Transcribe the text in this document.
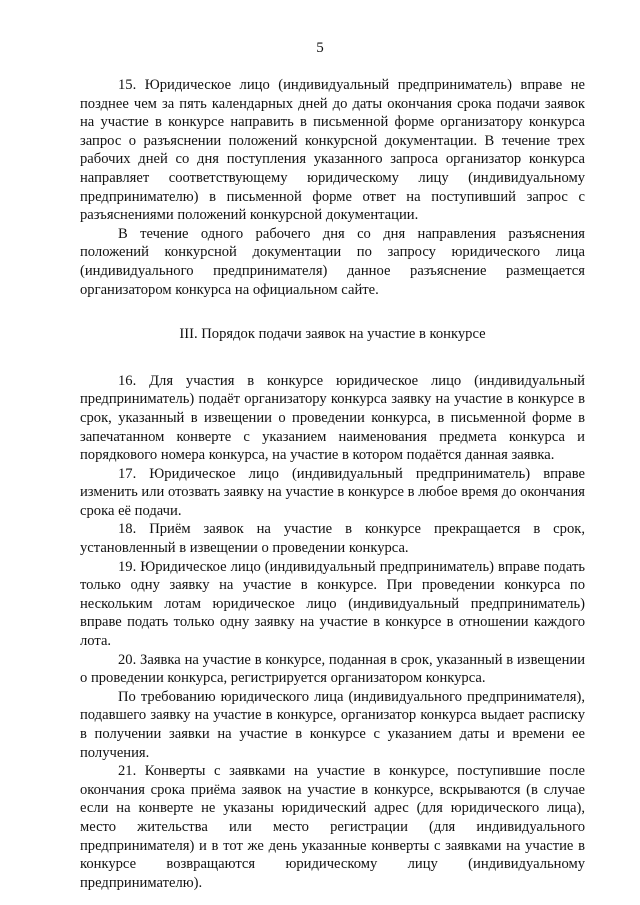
5

15. Юридическое лицо (индивидуальный предприниматель) вправе не позднее чем за пять календарных дней до даты окончания срока подачи заявок на участие в конкурсе направить в письменной форме организатору конкурса запрос о разъяснении положений конкурсной документации. В течение трех рабочих дней со дня поступления указанного запроса организатор конкурса направляет соответствующему юридическому лицу (индивидуальному предпринимателю) в письменной форме ответ на поступивший запрос с разъяснениями положений конкурсной документации.

В течение одного рабочего дня со дня направления разъяснения положений конкурсной документации по запросу юридического лица (индивидуального предпринимателя) данное разъяснение размещается организатором конкурса на официальном сайте.

III. Порядок подачи заявок на участие в конкурсе

16. Для участия в конкурсе юридическое лицо (индивидуальный предприниматель) подаёт организатору конкурса заявку на участие в конкурсе в срок, указанный в извещении о проведении конкурса, в письменной форме в запечатанном конверте с указанием наименования предмета конкурса и порядкового номера конкурса, на участие в котором подаётся данная заявка.

17. Юридическое лицо (индивидуальный предприниматель) вправе изменить или отозвать заявку на участие в конкурсе в любое время до окончания срока её подачи.

18. Приём заявок на участие в конкурсе прекращается в срок, установленный в извещении о проведении конкурса.

19. Юридическое лицо (индивидуальный предприниматель) вправе подать только одну заявку на участие в конкурсе. При проведении конкурса по нескольким лотам юридическое лицо (индивидуальный предприниматель) вправе подать только одну заявку на участие в конкурсе в отношении каждого лота.

20. Заявка на участие в конкурсе, поданная в срок, указанный в извещении о проведении конкурса, регистрируется организатором конкурса.

По требованию юридического лица (индивидуального предпринимателя), подавшего заявку на участие в конкурсе, организатор конкурса выдает расписку в получении заявки на участие в конкурсе с указанием даты и времени ее получения.

21. Конверты с заявками на участие в конкурсе, поступившие после окончания срока приёма заявок на участие в конкурсе, вскрываются (в случае если на конверте не указаны юридический адрес (для юридического лица), место жительства или место регистрации (для индивидуального предпринимателя) и в тот же день указанные конверты с заявками на участие в конкурсе возвращаются юридическому лицу (индивидуальному предпринимателю).
